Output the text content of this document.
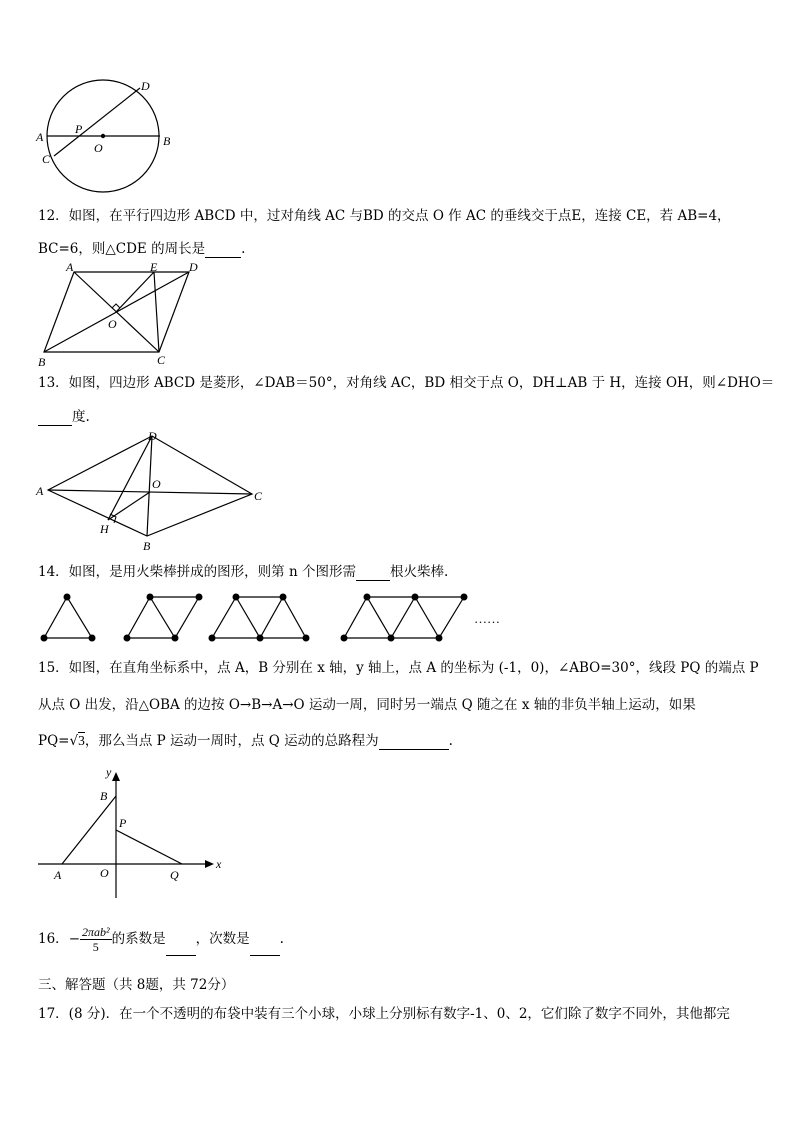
A	B
C
D
O
P
12．如图，在平行四边形 ABCD 中，过对角线 AC 与BD 的交点 O 作 AC 的垂线交于点E，连接 CE，若 AB=4，
BC=6，则△CDE 的周长是	.
A
B	C
D
E
O
13．如图，四边形 ABCD 是菱形，∠DAB＝50°，对角线 AC，BD 相交于点 O，DH⊥AB 于 H，连接 OH，则∠DHO＝
度.
A
B
C
D
O
H
14．如图，是用火柴棒拼成的图形，则第 n 个图形需	根火柴棒.
……
15．如图，在直角坐标系中，点 A，B 分别在 x 轴，y 轴上，点 A 的坐标为 (-1，0)，∠ABO=30°，线段 PQ 的端点 P
从点 O 出发，沿△OBA 的边按 O→B→A→O 运动一周，同时另一端点 Q 随之在 x 轴的非负半轴上运动，如果
PQ=√3，那么当点 P 运动一周时，点 Q 运动的总路程为	.
x
y
A
B
O
P
Q
16．− $\frac{\text{2πab²}}{5}$ 的系数是 ，次数是 .
三、解答题（共 8题，共 72分）
17．(8 分)．在一个不透明的布袋中装有三个小球，小球上分别标有数字-1、0、2，它们除了数字不同外，其他都完
